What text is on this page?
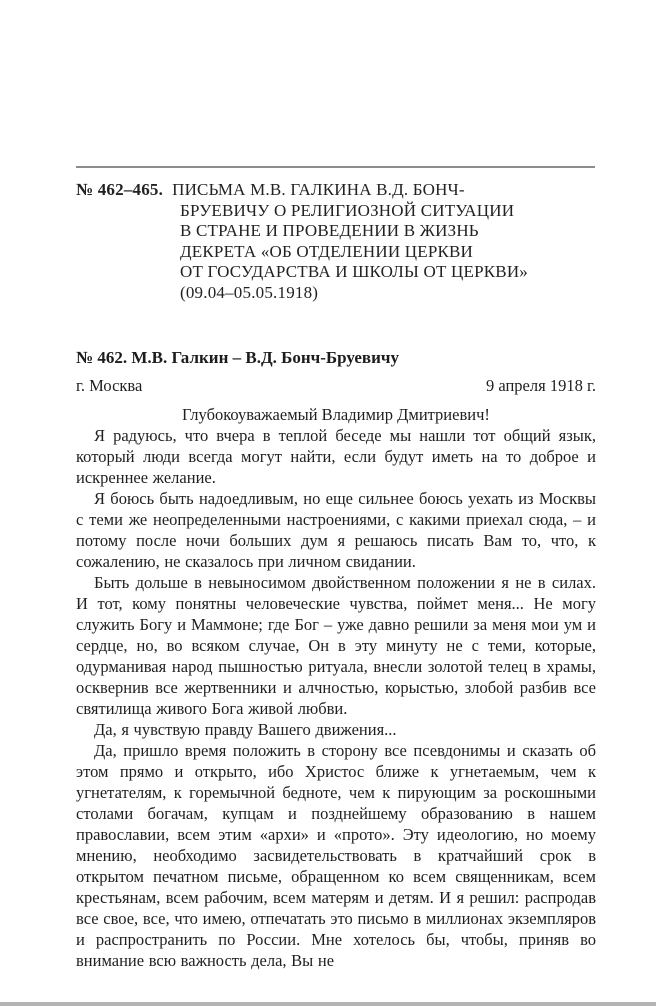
№ 462–465. ПИСЬМА М.В. ГАЛКИНА В.Д. БОНЧ-
БРУЕВИЧУ О РЕЛИГИОЗНОЙ СИТУАЦИИ
В СТРАНЕ И ПРОВЕДЕНИИ В ЖИЗНЬ
ДЕКРЕТА «ОБ ОТДЕЛЕНИИ ЦЕРКВИ
ОТ ГОСУДАРСТВА И ШКОЛЫ ОТ ЦЕРКВИ»
(09.04–05.05.1918)
№ 462. М.В. Галкин – В.Д. Бонч-Бруевичу
г. Москва	9 апреля 1918 г.
Глубокоуважаемый Владимир Дмитриевич!

Я радуюсь, что вчера в теплой беседе мы нашли тот общий язык, который люди всегда могут найти, если будут иметь на то доброе и искреннее желание.

Я боюсь быть надоедливым, но еще сильнее боюсь уехать из Москвы с теми же неопределенными настроениями, с какими приехал сюда, – и потому после ночи больших дум я решаюсь писать Вам то, что, к сожалению, не сказалось при личном свидании.

Быть дольше в невыносимом двойственном положении я не в силах. И тот, кому понятны человеческие чувства, поймет меня... Не могу служить Богу и Маммоне; где Бог – уже давно решили за меня мои ум и сердце, но, во всяком случае, Он в эту минуту не с теми, которые, одурманивая народ пышностью ритуала, внесли золотой телец в храмы, осквернив все жертвенники и алчностью, корыстью, злобой разбив все святилища живого Бога живой любви.

Да, я чувствую правду Вашего движения...

Да, пришло время положить в сторону все псевдонимы и сказать об этом прямо и открыто, ибо Христос ближе к угнетаемым, чем к угнетателям, к горемычной бедноте, чем к пирующим за роскошными столами богачам, купцам и позднейшему образованию в нашем православии, всем этим «архи» и «прото». Эту идеологию, но моему мнению, необходимо засвидетельствовать в кратчайший срок в открытом печатном письме, обращенном ко всем священникам, всем крестьянам, всем рабочим, всем матерям и детям. И я решил: распродав все свое, все, что имею, отпечатать это письмо в миллионах экземпляров и распространить по России. Мне хотелось бы, чтобы, приняв во внимание всю важность дела, Вы не
